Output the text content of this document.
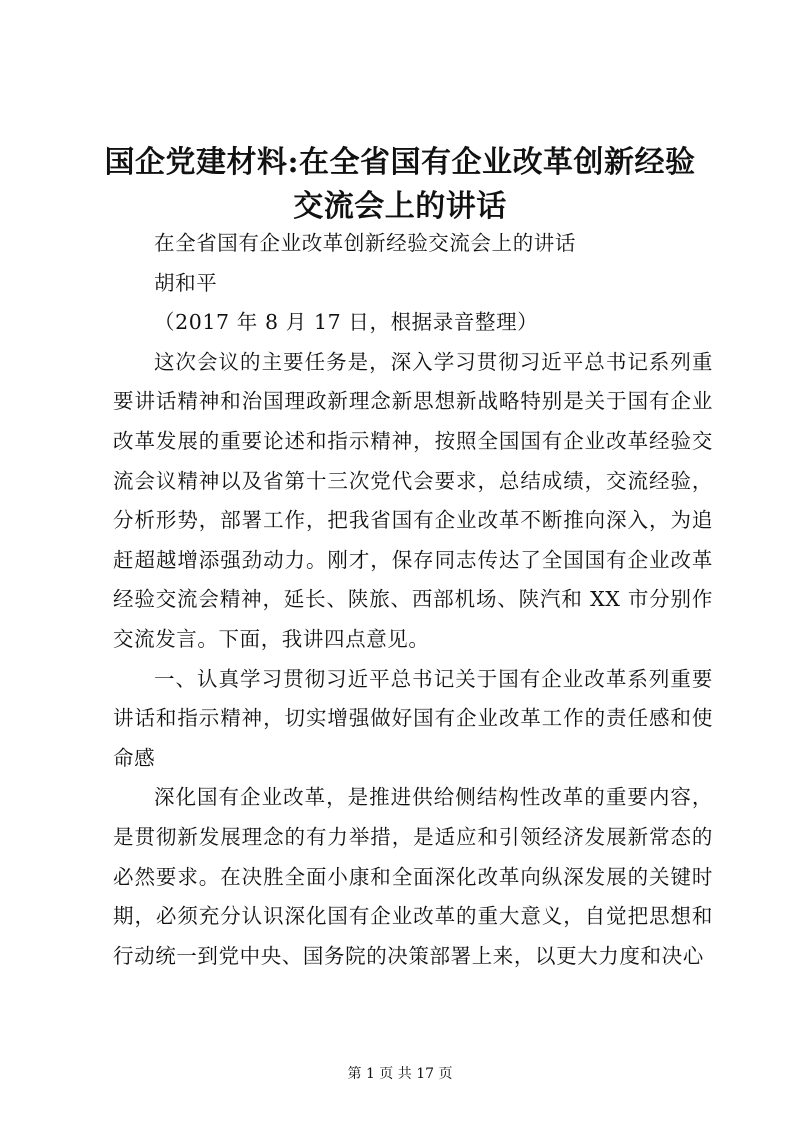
国企党建材料:在全省国有企业改革创新经验
交流会上的讲话

在全省国有企业改革创新经验交流会上的讲话

胡和平

（2017 年 8 月 17 日，根据录音整理）

这次会议的主要任务是，深入学习贯彻习近平总书记系列重要讲话精神和治国理政新理念新思想新战略特别是关于国有企业改革发展的重要论述和指示精神，按照全国国有企业改革经验交流会议精神以及省第十三次党代会要求，总结成绩，交流经验，分析形势，部署工作，把我省国有企业改革不断推向深入，为追赶超越增添强劲动力。刚才，保存同志传达了全国国有企业改革经验交流会精神，延长、陕旅、西部机场、陕汽和 XX 市分别作交流发言。下面，我讲四点意见。

一、认真学习贯彻习近平总书记关于国有企业改革系列重要讲话和指示精神，切实增强做好国有企业改革工作的责任感和使命感

深化国有企业改革，是推进供给侧结构性改革的重要内容，是贯彻新发展理念的有力举措，是适应和引领经济发展新常态的必然要求。在决胜全面小康和全面深化改革向纵深发展的关键时期，必须充分认识深化国有企业改革的重大意义，自觉把思想和行动统一到党中央、国务院的决策部署上来，以更大力度和决心

第 1 页 共 17 页
